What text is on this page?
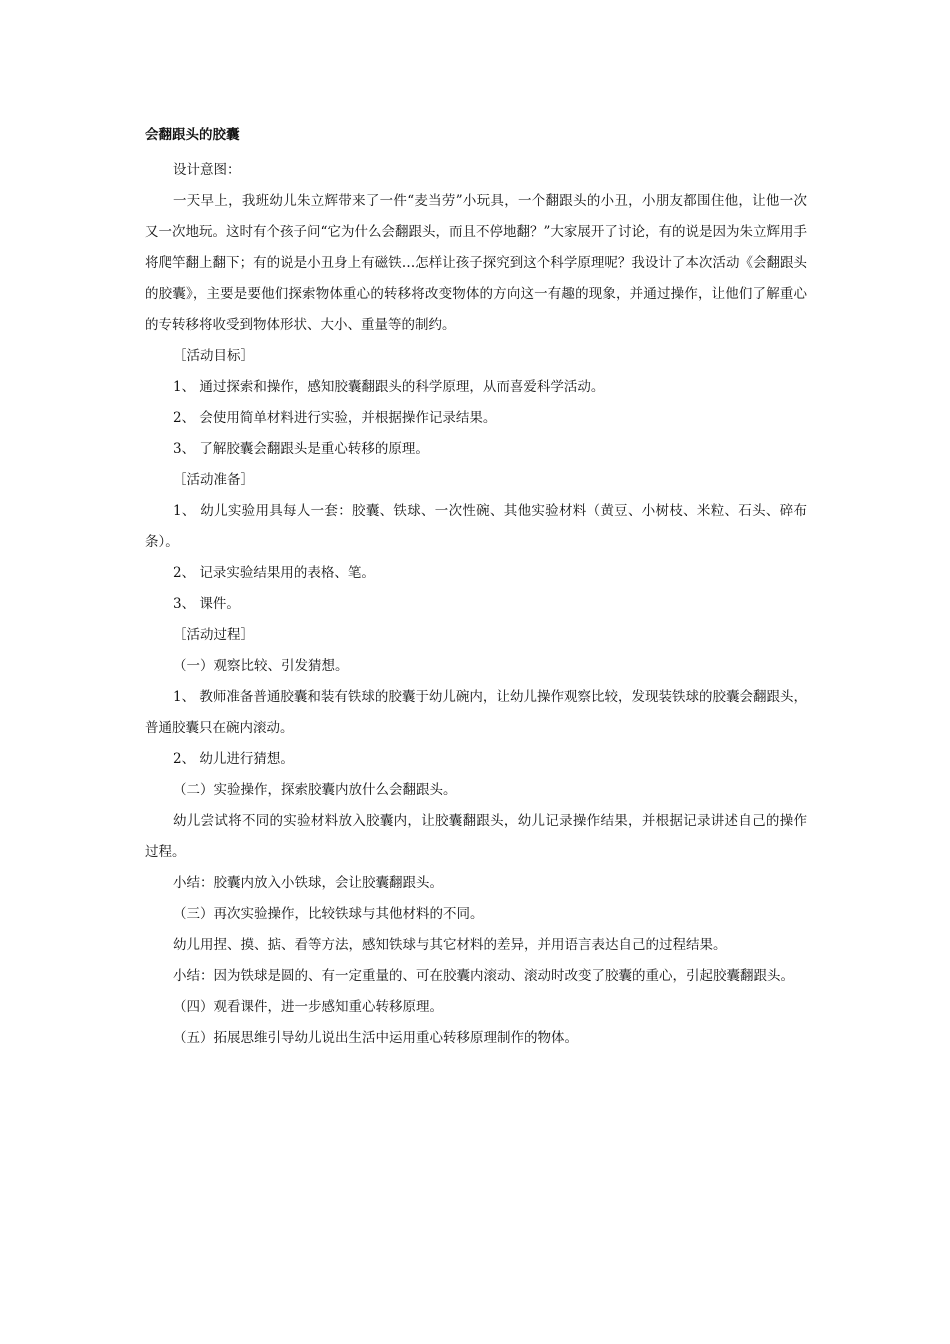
会翻跟头的胶囊

设计意图：

一天早上，我班幼儿朱立辉带来了一件“麦当劳”小玩具，一个翻跟头的小丑，小朋友都围住他，让他一次又一次地玩。这时有个孩子问“它为什么会翻跟头，而且不停地翻？”大家展开了讨论，有的说是因为朱立辉用手将爬竿翻上翻下；有的说是小丑身上有磁铁…怎样让孩子探究到这个科学原理呢？我设计了本次活动《会翻跟头的胶囊》，主要是要他们探索物体重心的转移将改变物体的方向这一有趣的现象，并通过操作，让他们了解重心的专转移将收受到物体形状、大小、重量等的制约。

［活动目标］

1、 通过探索和操作，感知胶囊翻跟头的科学原理，从而喜爱科学活动。

2、 会使用简单材料进行实验，并根据操作记录结果。

3、 了解胶囊会翻跟头是重心转移的原理。

［活动准备］

1、 幼儿实验用具每人一套：胶囊、铁球、一次性碗、其他实验材料（黄豆、小树枝、米粒、石头、碎布条）。

2、 记录实验结果用的表格、笔。

3、 课件。

［活动过程］

（一）观察比较、引发猜想。

1、 教师准备普通胶囊和装有铁球的胶囊于幼儿碗内，让幼儿操作观察比较，发现装铁球的胶囊会翻跟头，普通胶囊只在碗内滚动。

2、 幼儿进行猜想。

（二）实验操作，探索胶囊内放什么会翻跟头。

幼儿尝试将不同的实验材料放入胶囊内，让胶囊翻跟头，幼儿记录操作结果，并根据记录讲述自己的操作过程。

小结：胶囊内放入小铁球，会让胶囊翻跟头。

（三）再次实验操作，比较铁球与其他材料的不同。

幼儿用捏、摸、掂、看等方法，感知铁球与其它材料的差异，并用语言表达自己的过程结果。

小结：因为铁球是圆的、有一定重量的、可在胶囊内滚动、滚动时改变了胶囊的重心，引起胶囊翻跟头。

（四）观看课件，进一步感知重心转移原理。

（五）拓展思维引导幼儿说出生活中运用重心转移原理制作的物体。
